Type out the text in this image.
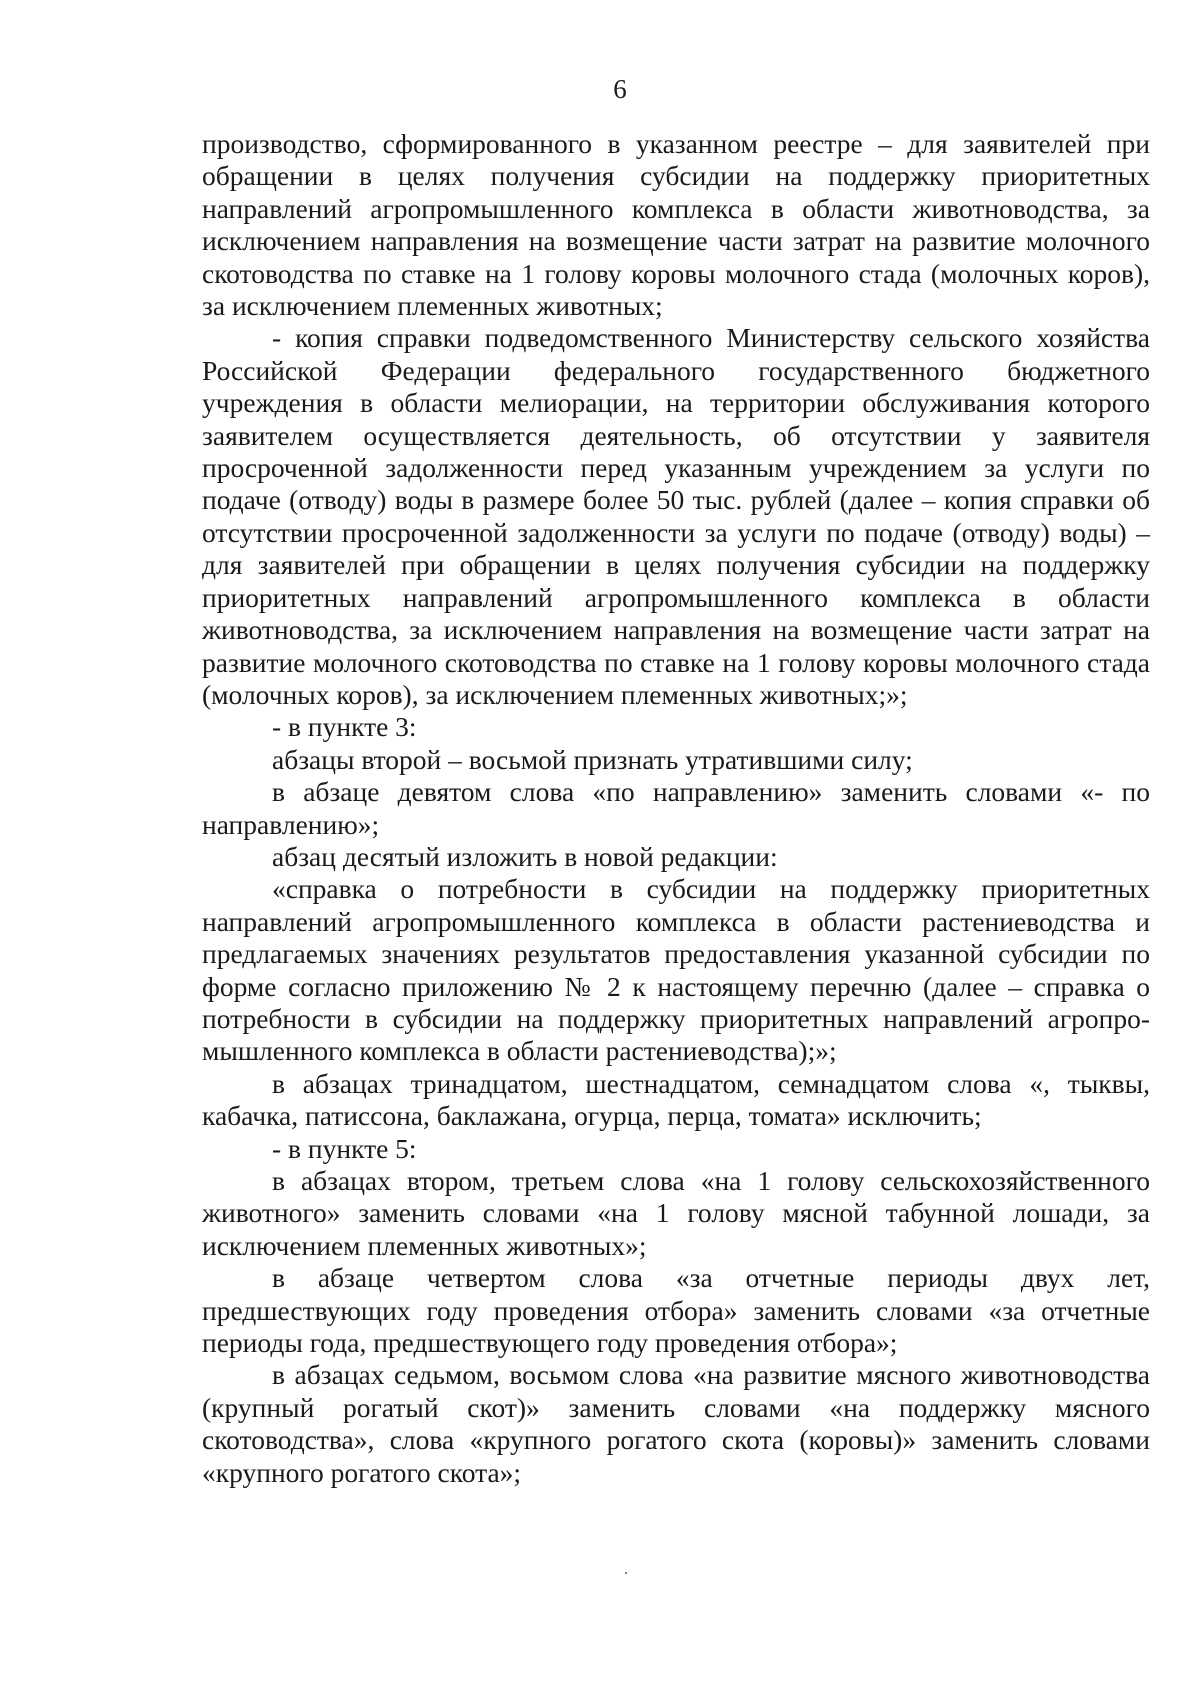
6

производство, сформированного в указанном реестре – для заявителей при обращении в целях получения субсидии на поддержку приоритетных направлений агропромышленного комплекса в области животноводства, за исключением направления на возмещение части затрат на развитие молочного скотоводства по ставке на 1 голову коровы молочного стада (молочных коров), за исключением племенных животных;

- копия справки подведомственного Министерству сельского хозяйства Российской Федерации федерального государственного бюджетного учреждения в области мелиорации, на территории обслуживания которого заявителем осуществляется деятельность, об отсутствии у заявителя просроченной задолженности перед указанным учреждением за услуги по подаче (отводу) воды в размере более 50 тыс. рублей (далее – копия справки об отсутствии просроченной задолженности за услуги по подаче (отводу) воды) – для заявителей при обращении в целях получения субсидии на поддержку приоритетных направлений агропромышленного комплекса в области животноводства, за исключением направления на возмещение части затрат на развитие молочного скотоводства по ставке на 1 голову коровы молочного стада (молочных коров), за исключением племенных животных;»;

- в пункте 3:

абзацы второй – восьмой признать утратившими силу;

в абзаце девятом слова «по направлению» заменить словами «- по направлению»;

абзац десятый изложить в новой редакции:

«справка о потребности в субсидии на поддержку приоритетных направлений агропромышленного комплекса в области растениеводства и предлагаемых значениях результатов предоставления указанной субсидии по форме согласно приложению № 2 к настоящему перечню (далее – справка о потребности в субсидии на поддержку приоритетных направлений агропромышленного комплекса в области растениеводства);»;

в абзацах тринадцатом, шестнадцатом, семнадцатом слова «, тыквы, кабачка, патиссона, баклажана, огурца, перца, томата» исключить;

- в пункте 5:

в абзацах втором, третьем слова «на 1 голову сельскохозяйственного животного» заменить словами «на 1 голову мясной табунной лошади, за исключением племенных животных»;

в абзаце четвертом слова «за отчетные периоды двух лет, предшествующих году проведения отбора» заменить словами «за отчетные периоды года, предшествующего году проведения отбора»;

в абзацах седьмом, восьмом слова «на развитие мясного животноводства (крупный рогатый скот)» заменить словами «на поддержку мясного скотоводства», слова «крупного рогатого скота (коровы)» заменить словами «крупного рогатого скота»;
